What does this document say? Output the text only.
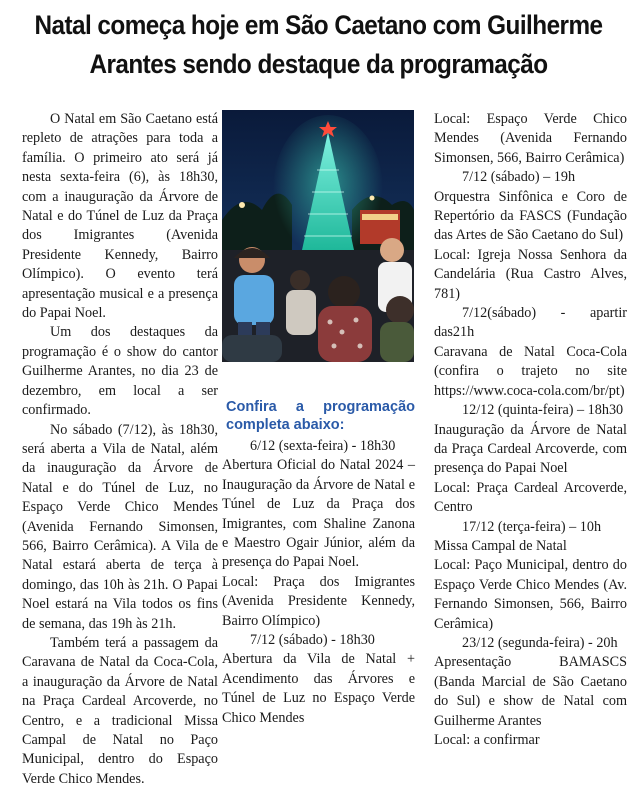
Natal começa hoje em São Caetano com Guilherme
Arantes sendo destaque da programação

O Natal em São Caetano está repleto de atrações para toda a família. O primeiro ato será já nesta sexta-feira (6), às 18h30, com a inauguração da Árvore de Natal e do Túnel de Luz da Praça dos Imigrantes (Avenida Presidente Kennedy, Bairro Olímpico). O evento terá apresentação musical e a presença do Papai Noel.

Um dos destaques da programação é o show do cantor Guilherme Arantes, no dia 23 de dezembro, em local a ser confirmado.

No sábado (7/12), às 18h30, será aberta a Vila de Natal, além da inauguração da Árvore de Natal e do Túnel de Luz, no Espaço Verde Chico Mendes (Avenida Fernando Simonsen, 566, Bairro Cerâmica). A Vila de Natal estará aberta de terça à domingo, das 10h às 21h. O Papai Noel estará na Vila todos os fins de semana, das 19h às 21h.

Também terá a passagem da Caravana de Natal da Coca-Cola, a inauguração da Árvore de Natal na Praça Cardeal Arcoverde, no Centro, e a tradicional Missa Campal de Natal no Paço Municipal, dentro do Espaço Verde Chico Mendes.

Confira a programação completa abaixo:

6/12 (sexta-feira) - 18h30

Abertura Oficial do Natal 2024 – Inauguração da Árvore de Natal e Túnel de Luz da Praça dos Imigrantes, com Shaline Zanona e Maestro Ogair Júnior, além da presença do Papai Noel.

Local: Praça dos Imigrantes (Avenida Presidente Kennedy, Bairro Olímpico)

7/12 (sábado) - 18h30

Abertura da Vila de Natal + Acendimento das Árvores e Túnel de Luz no Espaço Verde Chico Mendes

Local: Espaço Verde Chico Mendes (Avenida Fernando Simonsen, 566, Bairro Cerâmica)

7/12 (sábado) – 19h

Orquestra Sinfônica e Coro de Repertório da FASCS (Fundação das Artes de São Caetano do Sul)

Local: Igreja Nossa Senhora da Candelária (Rua Castro Alves, 781)

7/12(sábado) - apartir das21h

Caravana de Natal Coca-Cola (confira o trajeto no site https://www.coca-cola.com/br/pt)

12/12 (quinta-feira) – 18h30

Inauguração da Árvore de Natal da Praça Cardeal Arcoverde, com presença do Papai Noel

Local: Praça Cardeal Arcoverde, Centro

17/12 (terça-feira) – 10h

Missa Campal de Natal

Local: Paço Municipal, dentro do Espaço Verde Chico Mendes (Av. Fernando Simonsen, 566, Bairro Cerâmica)

23/12 (segunda-feira) - 20h

Apresentação BAMASCS (Banda Marcial de São Caetano do Sul) e show de Natal com Guilherme Arantes

Local: a confirmar
